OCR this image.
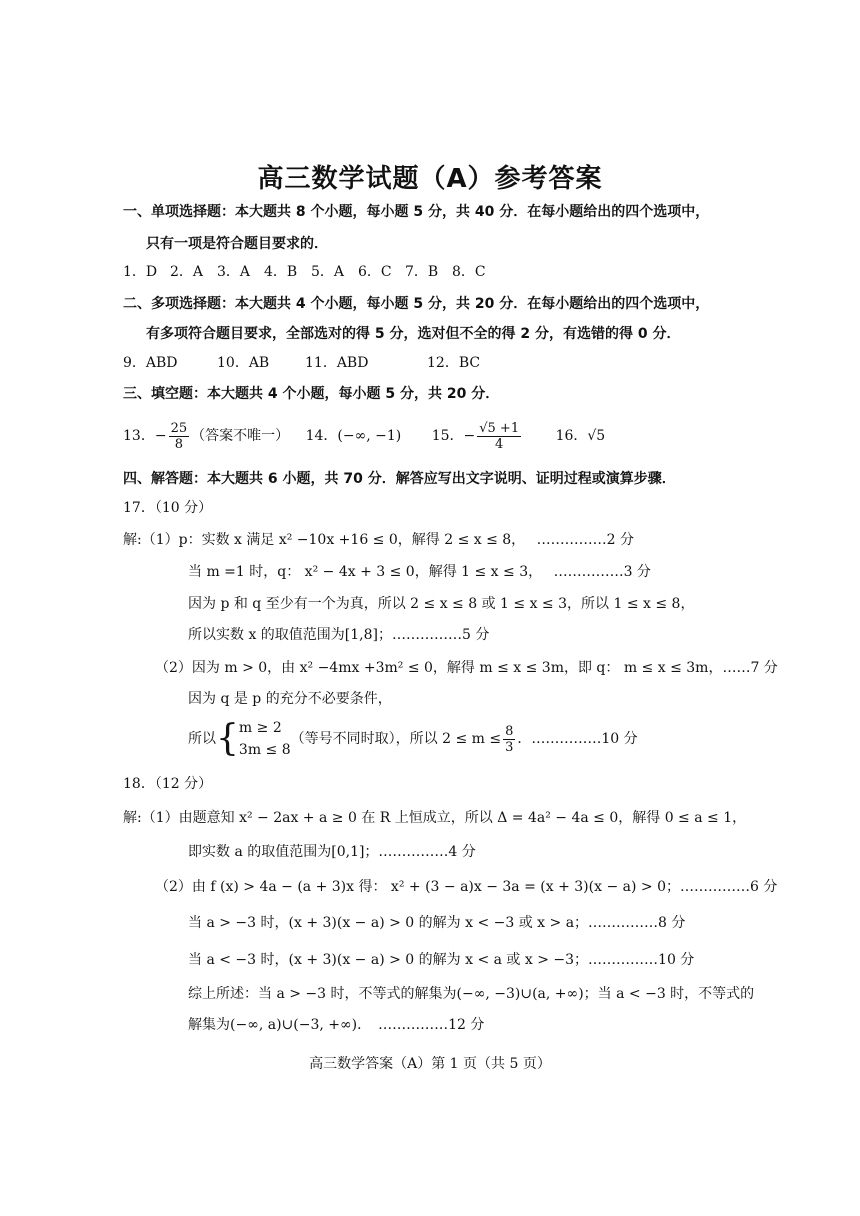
高三数学试题（A）参考答案
一、单项选择题：本大题共 8 个小题，每小题 5 分，共 40 分．在每小题给出的四个选项中，
只有一项是符合题目要求的．
1．D 2．A 3．A 4．B 5．A 6．C 7．B 8．C
二、多项选择题：本大题共 4 个小题，每小题 5 分，共 20 分．在每小题给出的四个选项中，
有多项符合题目要求，全部选对的得 5 分，选对但不全的得 2 分，有选错的得 0 分．
9．ABD	10．AB	11．ABD	12．BC
三、填空题：本大题共 4 个小题，每小题 5 分，共 20 分．
13．− $\frac{25}{8}$ （答案不唯一） 14．(−∞, −1) 15．− $\frac{√5 +1}{4} 16$．√5
四、解答题：本大题共 6 小题，共 70 分．解答应写出文字说明、证明过程或演算步骤．
17．（10 分）
解:（1）p：实数 x 满足 x² −10x +16 ≤ 0，解得 2 ≤ x ≤ 8，　 ……………2 分
当 m =1 时，q： x² − 4x + 3 ≤ 0，解得 1 ≤ x ≤ 3，　 ……………3 分
因为 p 和 q 至少有一个为真，所以 2 ≤ x ≤ 8 或 1 ≤ x ≤ 3，所以 1 ≤ x ≤ 8，
所以实数 x 的取值范围为[1,8]；……………5 分
（2）因为 m > 0，由 x² −4mx +3m² ≤ 0，解得 m ≤ x ≤ 3m，即 q： m ≤ x ≤ 3m，……7 分
因为 q 是 p 的充分不必要条件，
所以{ m ≥ 2
3m ≤ 8
（等号不同时取），所以 $2 \le m \le \frac{8}{3}$ ．……………10 分
18．（12 分）
解:（1）由题意知 x² − 2ax + a ≥ 0 在 R 上恒成立，所以 Δ = 4a² − 4a ≤ 0，解得 0 ≤ a ≤ 1，
即实数 a 的取值范围为[0,1]；……………4 分
（2）由 f (x) > 4a − (a + 3)x 得： x² + (3 − a)x − 3a = (x + 3)(x − a) > 0；……………6 分
当 a > −3 时，(x + 3)(x − a) > 0 的解为 x < −3 或 x > a；……………8 分
当 a < −3 时，(x + 3)(x − a) > 0 的解为 x < a 或 x > −3；……………10 分
综上所述：当 a > −3 时，不等式的解集为(−∞, −3)∪(a, +∞)；当 a < −3 时，不等式的
解集为(−∞, a)∪(−3, +∞)．　……………12 分
高三数学答案（A）第 1 页（共 5 页）
